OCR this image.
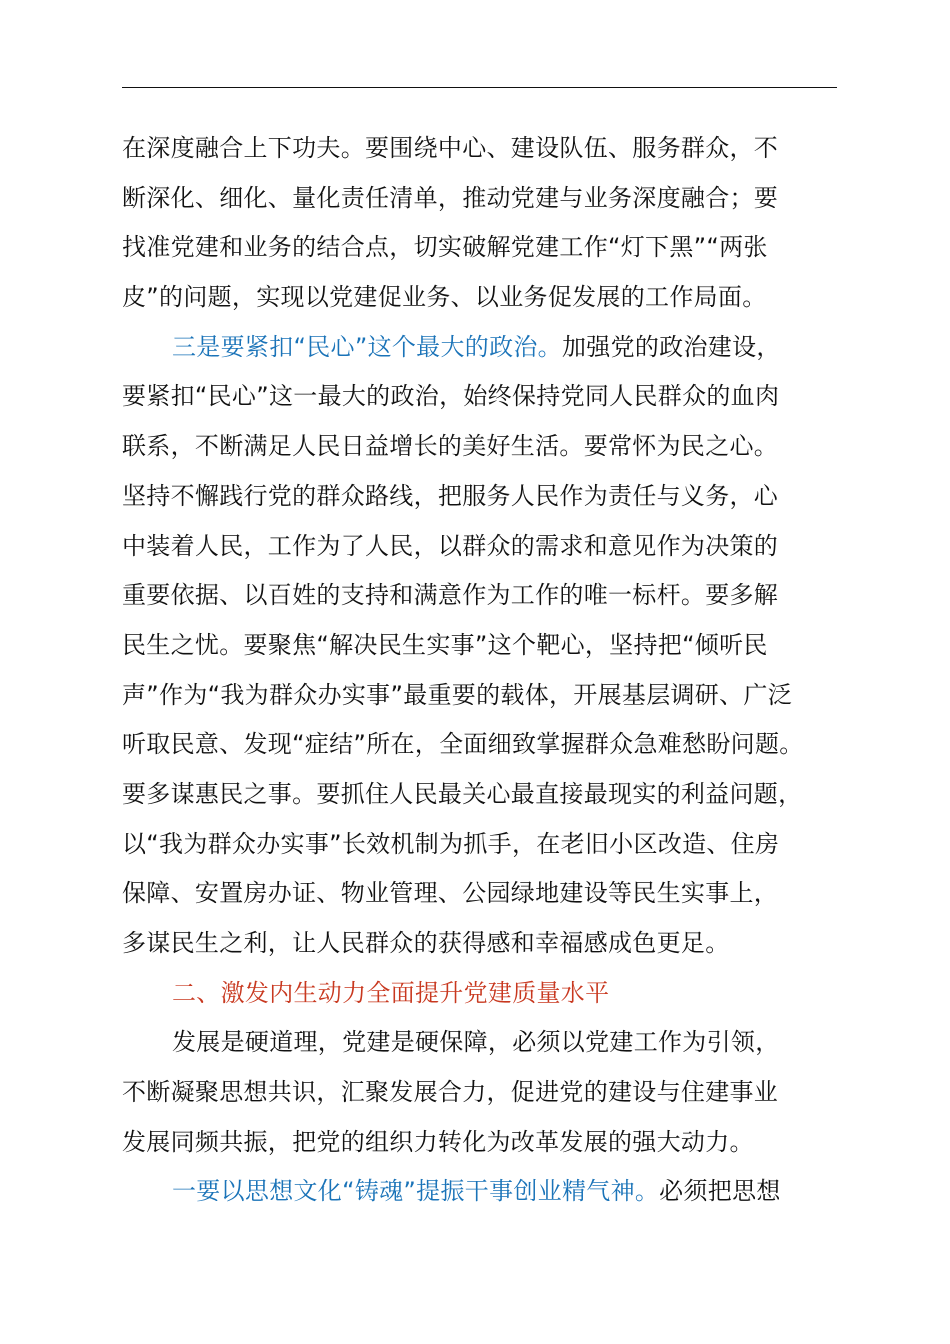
在深度融合上下功夫。要围绕中心、建设队伍、服务群众，不
断深化、细化、量化责任清单，推动党建与业务深度融合；要
找准党建和业务的结合点，切实破解党建工作“灯下黑”“两张
皮”的问题，实现以党建促业务、以业务促发展的工作局面。
三是要紧扣“民心”这个最大的政治。加强党的政治建设，
要紧扣“民心”这一最大的政治，始终保持党同人民群众的血肉
联系，不断满足人民日益增长的美好生活。要常怀为民之心。
坚持不懈践行党的群众路线，把服务人民作为责任与义务，心
中装着人民，工作为了人民，以群众的需求和意见作为决策的
重要依据、以百姓的支持和满意作为工作的唯一标杆。要多解
民生之忧。要聚焦“解决民生实事”这个靶心，坚持把“倾听民
声”作为“我为群众办实事”最重要的载体，开展基层调研、广泛
听取民意、发现“症结”所在，全面细致掌握群众急难愁盼问题。
要多谋惠民之事。要抓住人民最关心最直接最现实的利益问题，
以“我为群众办实事”长效机制为抓手，在老旧小区改造、住房
保障、安置房办证、物业管理、公园绿地建设等民生实事上，
多谋民生之利，让人民群众的获得感和幸福感成色更足。
二、激发内生动力全面提升党建质量水平
发展是硬道理，党建是硬保障，必须以党建工作为引领，
不断凝聚思想共识，汇聚发展合力，促进党的建设与住建事业
发展同频共振，把党的组织力转化为改革发展的强大动力。
一要以思想文化“铸魂”提振干事创业精气神。必须把思想
